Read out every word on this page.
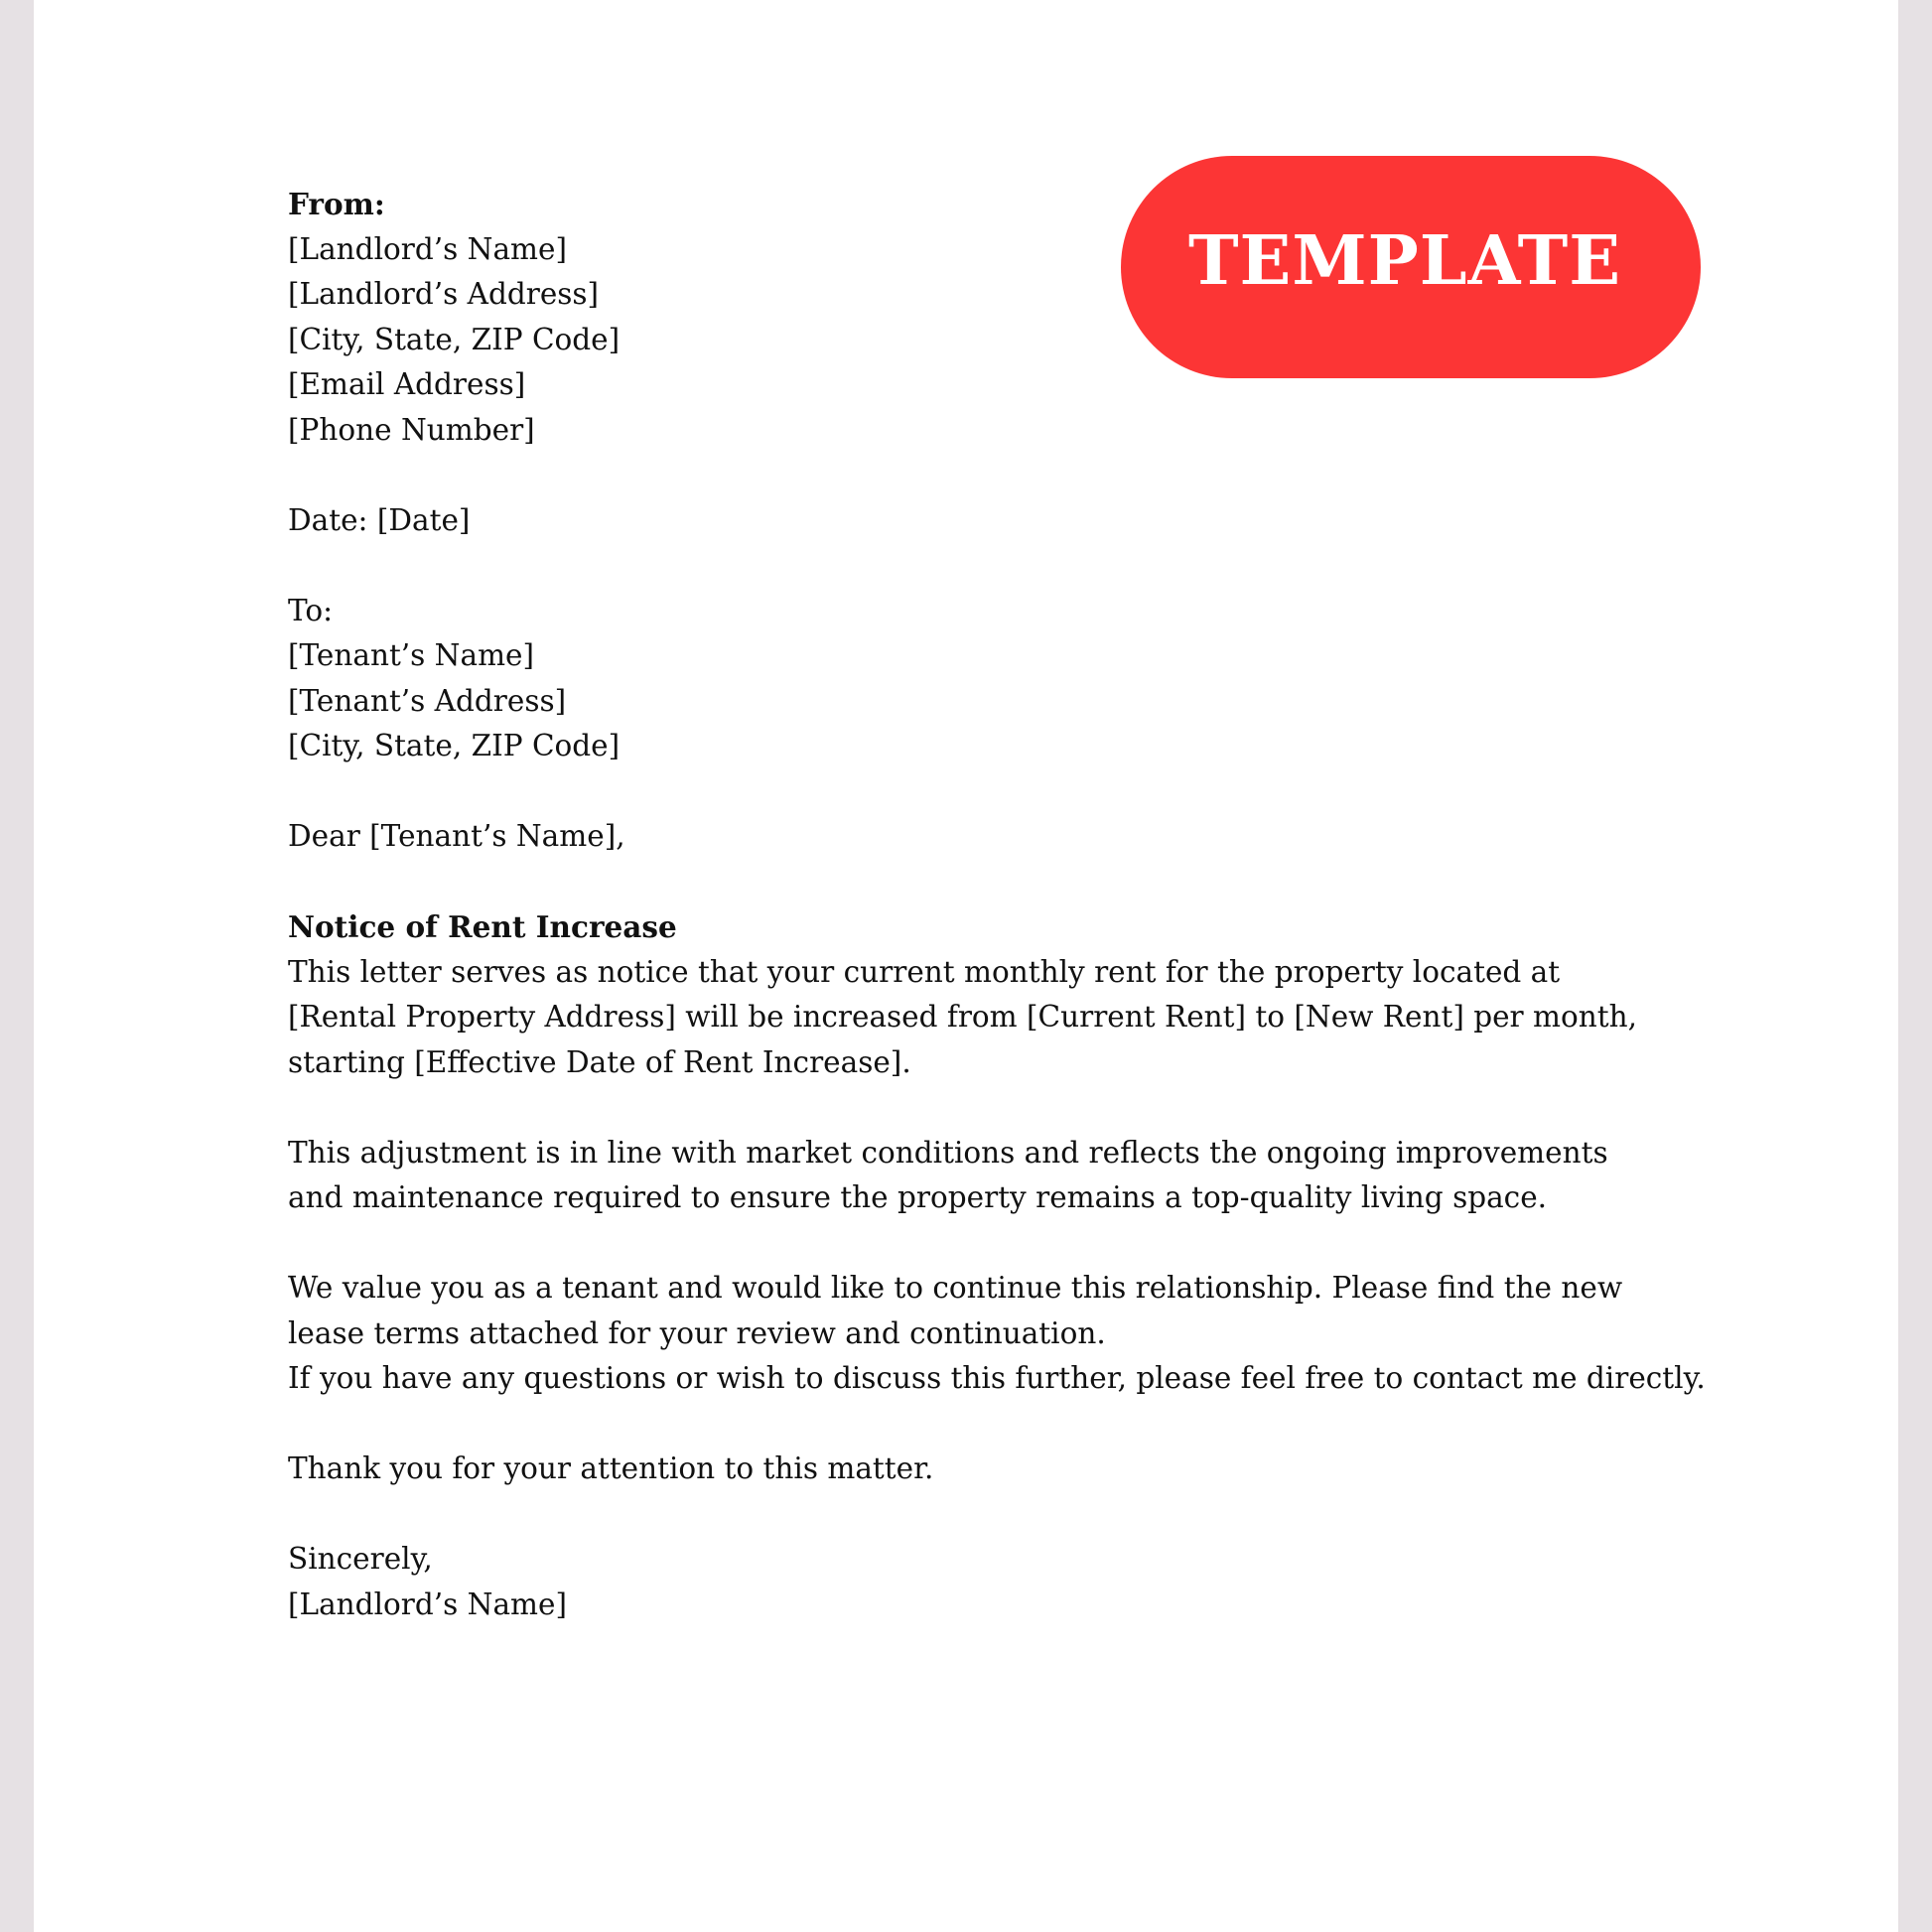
TEMPLATE
From:
[Landlord’s Name]
[Landlord’s Address]
[City, State, ZIP Code]
[Email Address]
[Phone Number]
Date: [Date]
To:
[Tenant’s Name]
[Tenant’s Address]
[City, State, ZIP Code]
Dear [Tenant’s Name],
Notice of Rent Increase
This letter serves as notice that your current monthly rent for the property located at [Rental Property Address] will be increased from [Current Rent] to [New Rent] per month, starting [Effective Date of Rent Increase].
This adjustment is in line with market conditions and reflects the ongoing improvements and maintenance required to ensure the property remains a top-quality living space.
We value you as a tenant and would like to continue this relationship. Please find the new lease terms attached for your review and continuation.
If you have any questions or wish to discuss this further, please feel free to contact me directly.
Thank you for your attention to this matter.
Sincerely,
[Landlord’s Name]
